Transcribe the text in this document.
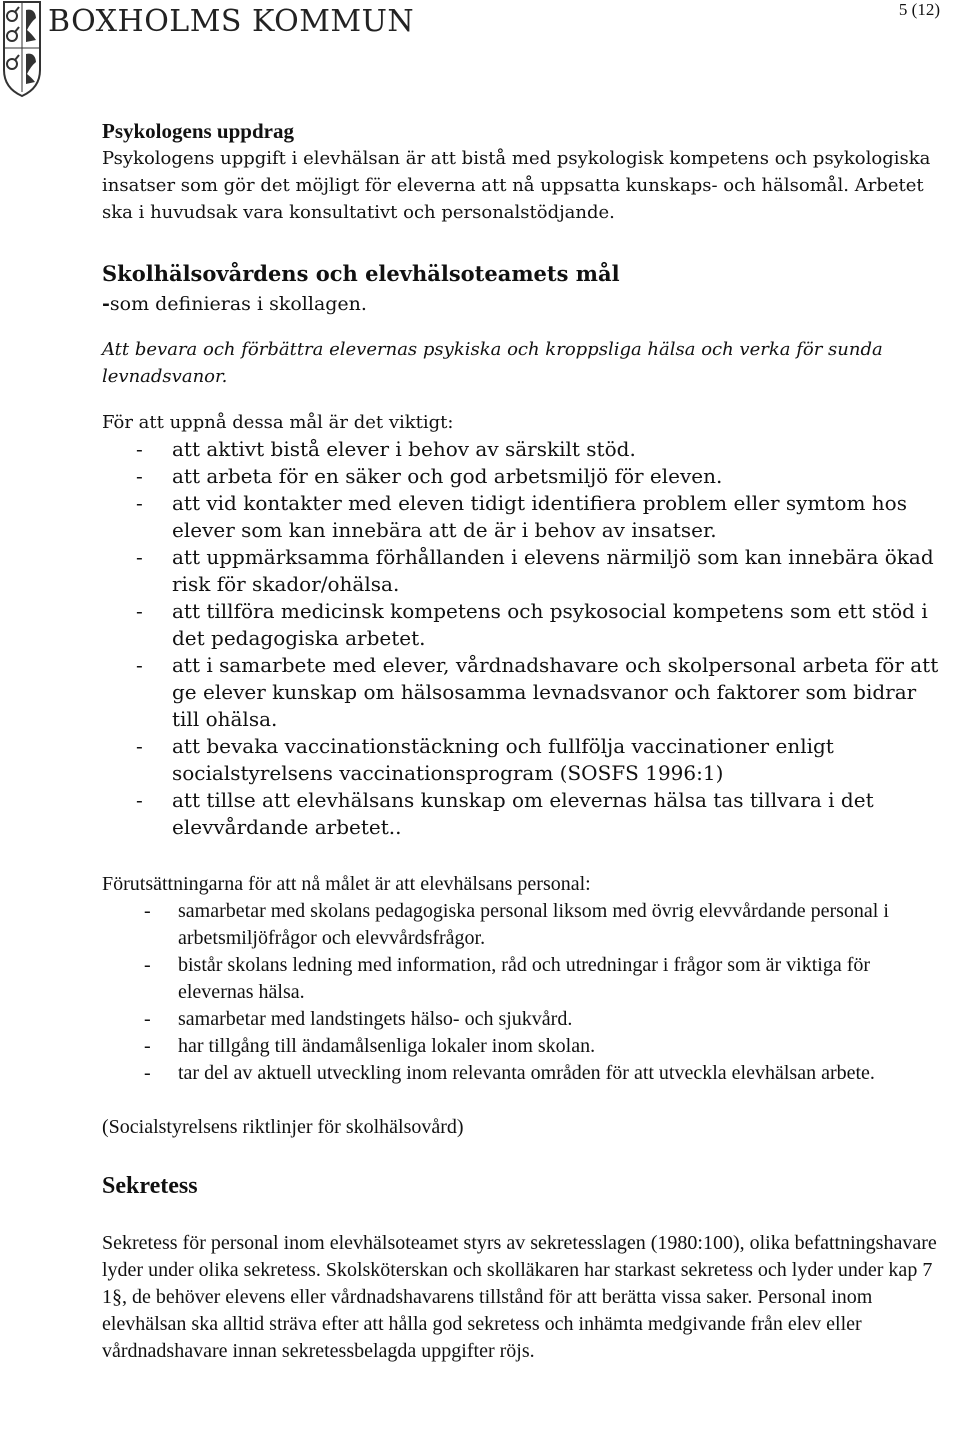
BOXHOLMS KOMMUN	5 (12)
Psykologens uppdrag

Psykologens uppgift i elevhälsan är att bistå med psykologisk kompetens och psykologiska insatser som gör det möjligt för eleverna att nå uppsatta kunskaps- och hälsomål. Arbetet ska i huvudsak vara konsultativt och personalstödjande.

Skolhälsovårdens och elevhälsoteamets mål

-som definieras i skollagen.

Att bevara och förbättra elevernas psykiska och kroppsliga hälsa och verka för sunda levnadsvanor.

För att uppnå dessa mål är det viktigt:

- att aktivt bistå elever i behov av särskilt stöd.
- att arbeta för en säker och god arbetsmiljö för eleven.
- att vid kontakter med eleven tidigt identifiera problem eller symtom hos elever som kan innebära att de är i behov av insatser.
- att uppmärksamma förhållanden i elevens närmiljö som kan innebära ökad risk för skador/ohälsa.
- att tillföra medicinsk kompetens och psykosocial kompetens som ett stöd i det pedagogiska arbetet.
- att i samarbete med elever, vårdnadshavare och skolpersonal arbeta för att ge elever kunskap om hälsosamma levnadsvanor och faktorer som bidrar till ohälsa.
- att bevaka vaccinationstäckning och fullfölja vaccinationer enligt socialstyrelsens vaccinationsprogram (SOSFS 1996:1)
- att tillse att elevhälsans kunskap om elevernas hälsa tas tillvara i det elevvårdande arbetet..

Förutsättningarna för att nå målet är att elevhälsans personal:

- samarbetar med skolans pedagogiska personal liksom med övrig elevvårdande personal i arbetsmiljöfrågor och elevvårdsfrågor.
- bistår skolans ledning med information, råd och utredningar i frågor som är viktiga för elevernas hälsa.
- samarbetar med landstingets hälso- och sjukvård.
- har tillgång till ändamålsenliga lokaler inom skolan.
- tar del av aktuell utveckling inom relevanta områden för att utveckla elevhälsan arbete.

(Socialstyrelsens riktlinjer för skolhälsovård)

Sekretess

Sekretess för personal inom elevhälsoteamet styrs av sekretesslagen (1980:100), olika befattningshavare lyder under olika sekretess. Skolsköterskan och skolläkaren har starkast sekretess och lyder under kap 7 1§, de behöver elevens eller vårdnadshavarens tillstånd för att berätta vissa saker. Personal inom elevhälsan ska alltid sträva efter att hålla god sekretess och inhämta medgivande från elev eller vårdnadshavare innan sekretessbelagda uppgifter röjs.
